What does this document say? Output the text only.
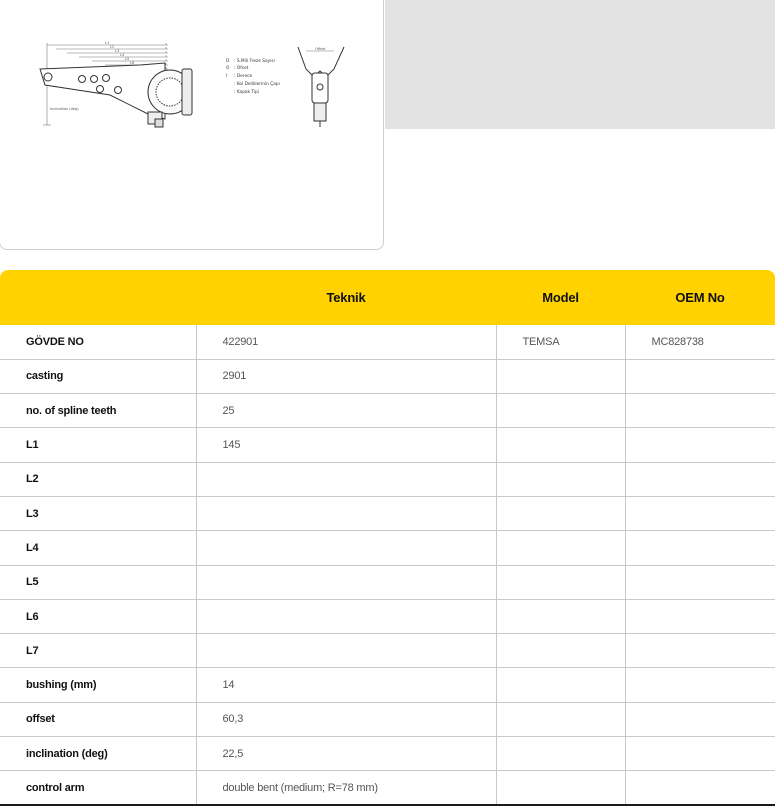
L1
L2
L3
L4
L5
L6
Inclination (deg)
D : S.Mili Freze Sayısı
O : Ofset
I : Derece
: Kol Deliklerinin Çapı
: Kapak Tipi
Offset
	Teknik	Model	OEM No
GÖVDE NO	422901	TEMSA	MC828738
casting	2901		
no. of spline teeth	25		
L1	145		
L2			
L3			
L4			
L5			
L6			
L7			
bushing (mm)	14		
offset	60,3		
inclination (deg)	22,5		
control arm	double bent (medium; R=78 mm)		
